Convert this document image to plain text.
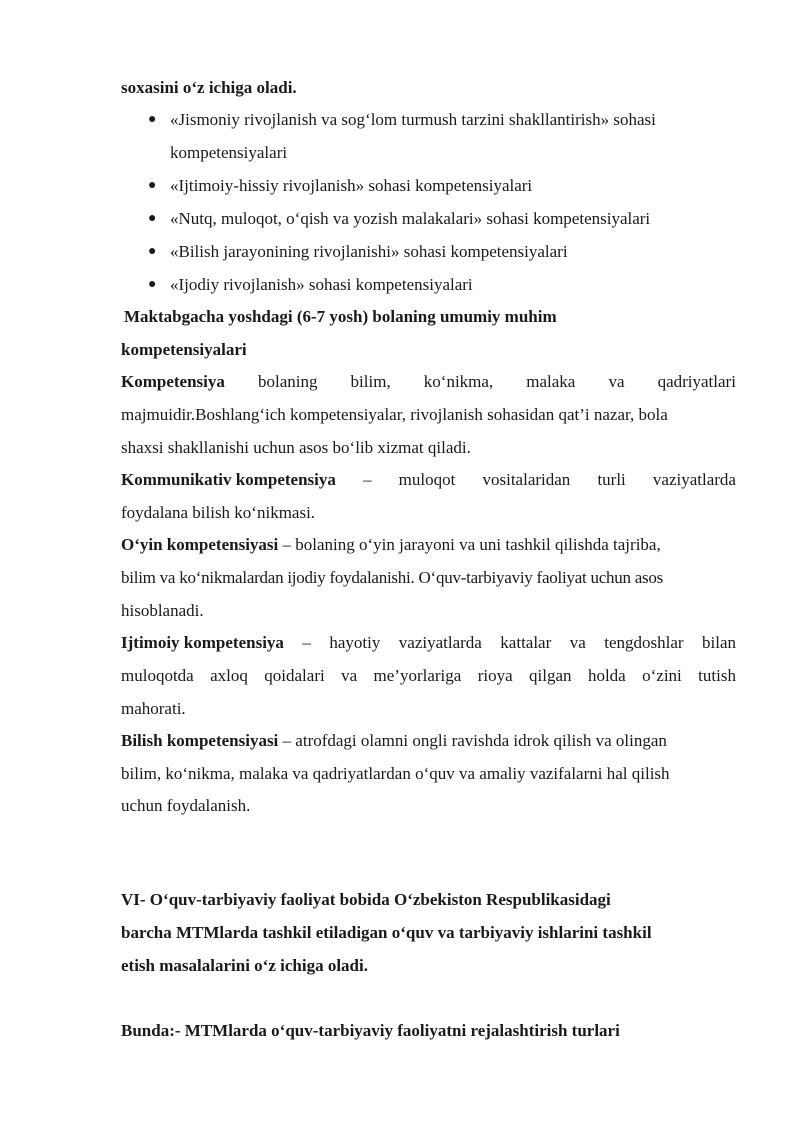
soxasini o‘z ichiga oladi.
● «Jismoniy rivojlanish va sog‘lom turmush tarzini shakllantirish» sohasi
kompetensiyalari
● «Ijtimoiy-hissiy rivojlanish» sohasi kompetensiyalari
● «Nutq, muloqot, o‘qish va yozish malakalari» sohasi kompetensiyalari
● «Bilish jarayonining rivojlanishi» sohasi kompetensiyalari
● «Ijodiy rivojlanish» sohasi kompetensiyalari
Maktabgacha yoshdagi (6-7 yosh) bolaning umumiy muhim
kompetensiyalari
Kompetensiya bolaning bilim, ko‘nikma, malaka va qadriyatlari
majmuidir.Boshlang‘ich kompetensiyalar, rivojlanish sohasidan qat’i nazar, bola
shaxsi shakllanishi uchun asos bo‘lib xizmat qiladi.
Kommunikativ kompetensiya – muloqot vositalaridan turli vaziyatlarda
foydalana bilish ko‘nikmasi.
O‘yin kompetensiyasi – bolaning o‘yin jarayoni va uni tashkil qilishda tajriba,
bilim va ko‘nikmalardan ijodiy foydalanishi. O‘quv-tarbiyaviy faoliyat uchun asos
hisoblanadi.
Ijtimoiy kompetensiya – hayotiy vaziyatlarda kattalar va tengdoshlar bilan
muloqotda axloq qoidalari va me’yorlariga rioya qilgan holda o‘zini tutish
mahorati.
Bilish kompetensiyasi – atrofdagi olamni ongli ravishda idrok qilish va olingan
bilim, ko‘nikma, malaka va qadriyatlardan o‘quv va amaliy vazifalarni hal qilish
uchun foydalanish.
VI- O‘quv-tarbiyaviy faoliyat bobida O‘zbekiston Respublikasidagi
barcha MTMlarda tashkil etiladigan o‘quv va tarbiyaviy ishlarini tashkil
etish masalalarini o‘z ichiga oladi.
Bunda:- MTMlarda o‘quv-tarbiyaviy faoliyatni rejalashtirish turlari
